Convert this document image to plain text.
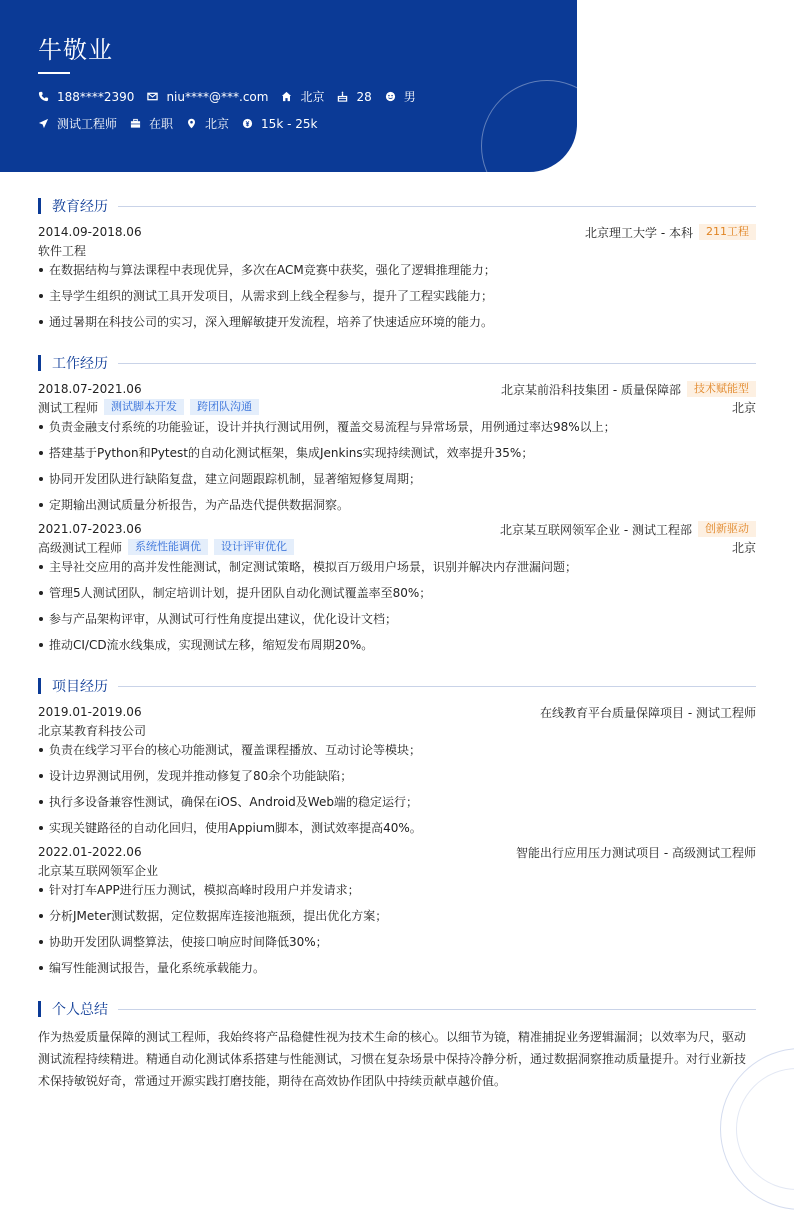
牛敬业
188****2390	niu****@***.com	北京	28	男
测试工程师	在职	北京	15k - 25k
教育经历
2014.09-2018.06	北京理工大学 - 本科	211工程
软件工程
在数据结构与算法课程中表现优异，多次在ACM竞赛中获奖，强化了逻辑推理能力；
主导学生组织的测试工具开发项目，从需求到上线全程参与，提升了工程实践能力；
通过暑期在科技公司的实习，深入理解敏捷开发流程，培养了快速适应环境的能力。
工作经历
2018.07-2021.06	北京某前沿科技集团 - 质量保障部	技术赋能型
测试工程师	测试脚本开发	跨团队沟通	北京
负责金融支付系统的功能验证，设计并执行测试用例，覆盖交易流程与异常场景，用例通过率达98%以上；
搭建基于Python和Pytest的自动化测试框架，集成Jenkins实现持续测试，效率提升35%；
协同开发团队进行缺陷复盘，建立问题跟踪机制，显著缩短修复周期；
定期输出测试质量分析报告，为产品迭代提供数据洞察。
2021.07-2023.06	北京某互联网领军企业 - 测试工程部	创新驱动
高级测试工程师	系统性能调优	设计评审优化	北京
主导社交应用的高并发性能测试，制定测试策略，模拟百万级用户场景，识别并解决内存泄漏问题；
管理5人测试团队，制定培训计划，提升团队自动化测试覆盖率至80%；
参与产品架构评审，从测试可行性角度提出建议，优化设计文档；
推动CI/CD流水线集成，实现测试左移，缩短发布周期20%。
项目经历
2019.01-2019.06	在线教育平台质量保障项目 - 测试工程师
北京某教育科技公司
负责在线学习平台的核心功能测试，覆盖课程播放、互动讨论等模块；
设计边界测试用例，发现并推动修复了80余个功能缺陷；
执行多设备兼容性测试，确保在iOS、Android及Web端的稳定运行；
实现关键路径的自动化回归，使用Appium脚本，测试效率提高40%。
2022.01-2022.06	智能出行应用压力测试项目 - 高级测试工程师
北京某互联网领军企业
针对打车APP进行压力测试，模拟高峰时段用户并发请求；
分析JMeter测试数据，定位数据库连接池瓶颈，提出优化方案；
协助开发团队调整算法，使接口响应时间降低30%；
编写性能测试报告，量化系统承载能力。
个人总结
作为热爱质量保障的测试工程师，我始终将产品稳健性视为技术生命的核心。以细节为镜，精准捕捉业务逻辑漏洞；以效率为尺，驱动测试流程持续精进。精通自动化测试体系搭建与性能测试，习惯在复杂场景中保持冷静分析，通过数据洞察推动质量提升。对行业新技术保持敏锐好奇，常通过开源实践打磨技能，期待在高效协作团队中持续贡献卓越价值。
